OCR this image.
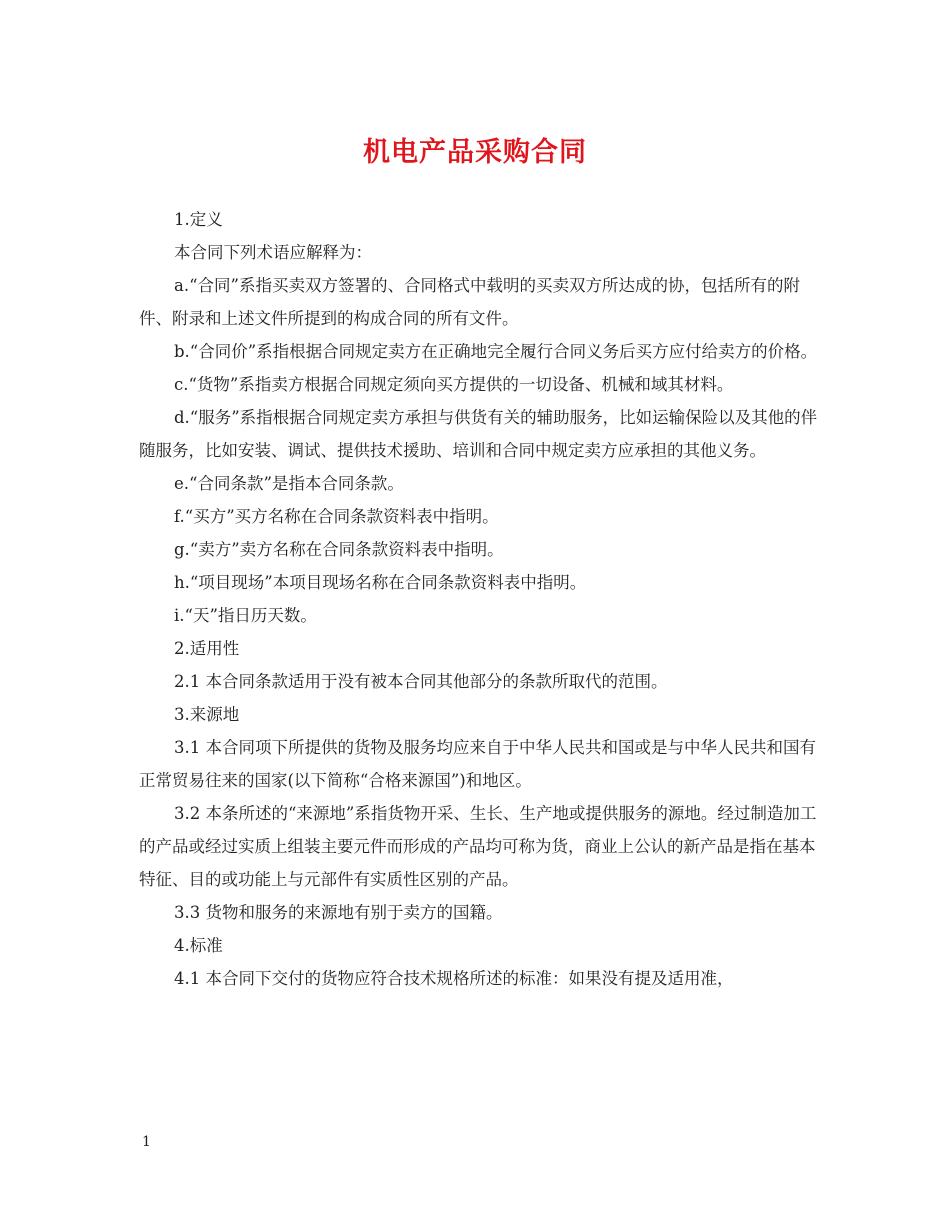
机电产品采购合同

1.定义

本合同下列术语应解释为：

a.“合同”系指买卖双方签署的、合同格式中载明的买卖双方所达成的协，包括所有的附件、附录和上述文件所提到的构成合同的所有文件。

b.“合同价”系指根据合同规定卖方在正确地完全履行合同义务后买方应付给卖方的价格。

c.“货物”系指卖方根据合同规定须向买方提供的一切设备、机械和域其材料。

d.“服务”系指根据合同规定卖方承担与供货有关的辅助服务，比如运输保险以及其他的伴随服务，比如安装、调试、提供技术援助、培训和合同中规定卖方应承担的其他义务。

e.“合同条款”是指本合同条款。

f.“买方”买方名称在合同条款资料表中指明。

g.“卖方”卖方名称在合同条款资料表中指明。

h.“项目现场”本项目现场名称在合同条款资料表中指明。

i.“天”指日历天数。

2.适用性

2.1 本合同条款适用于没有被本合同其他部分的条款所取代的范围。

3.来源地

3.1 本合同项下所提供的货物及服务均应来自于中华人民共和国或是与中华人民共和国有正常贸易往来的国家(以下简称“合格来源国”)和地区。

3.2 本条所述的“来源地”系指货物开采、生长、生产地或提供服务的源地。经过制造加工的产品或经过实质上组装主要元件而形成的产品均可称为货，商业上公认的新产品是指在基本特征、目的或功能上与元部件有实质性区别的产品。

3.3 货物和服务的来源地有别于卖方的国籍。

4.标准

4.1 本合同下交付的货物应符合技术规格所述的标准：如果没有提及适用准，

1
